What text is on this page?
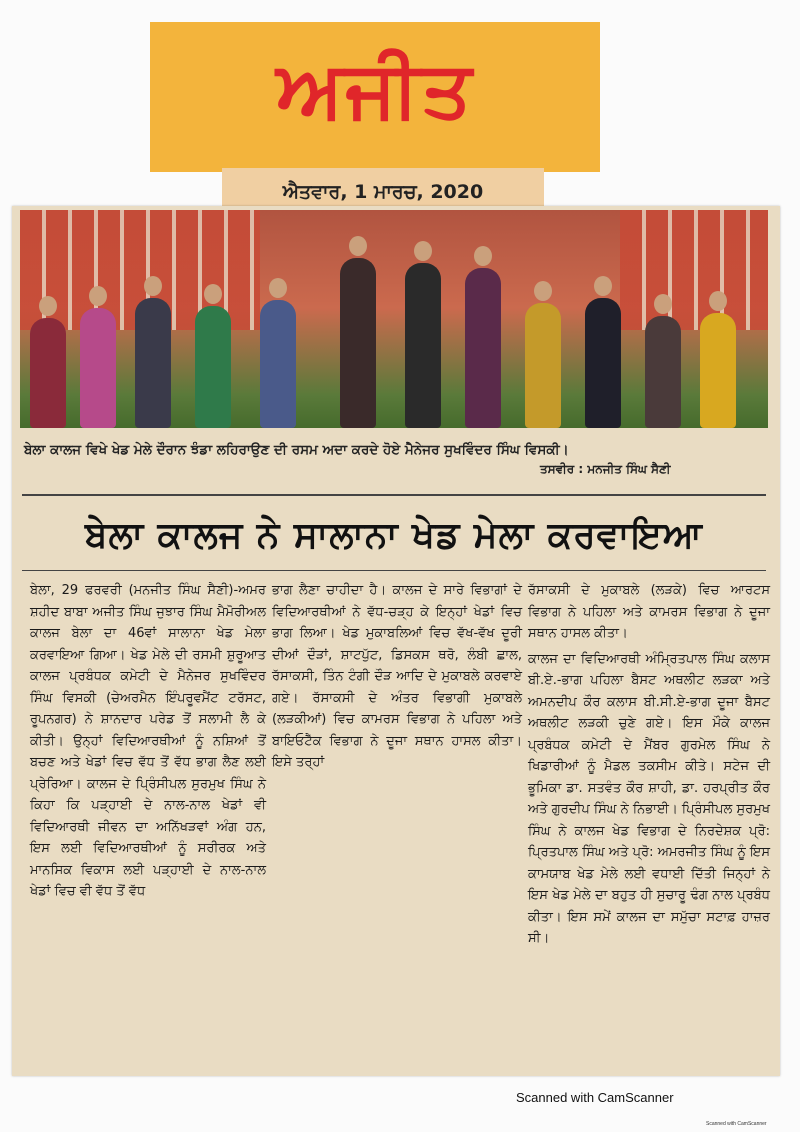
ਅਜੀਤ
ਐਤਵਾਰ, 1 ਮਾਰਚ, 2020
ਬੇਲਾ ਕਾਲਜ ਵਿਖੇ ਖੇਡ ਮੇਲੇ ਦੌਰਾਨ ਝੰਡਾ ਲਹਿਰਾਉਣ ਦੀ ਰਸਮ ਅਦਾ ਕਰਦੇ ਹੋਏ ਮੈਨੇਜਰ ਸੁਖਵਿੰਦਰ ਸਿੰਘ ਵਿਸਕੀ।
ਤਸਵੀਰ : ਮਨਜੀਤ ਸਿੰਘ ਸੈਣੀ
ਬੇਲਾ ਕਾਲਜ ਨੇ ਸਾਲਾਨਾ ਖੇਡ ਮੇਲਾ ਕਰਵਾਇਆ

ਬੇਲਾ, 29 ਫਰਵਰੀ (ਮਨਜੀਤ ਸਿੰਘ ਸੈਣੀ)-ਅਮਰ ਸ਼ਹੀਦ ਬਾਬਾ ਅਜੀਤ ਸਿੰਘ ਜੁਝਾਰ ਸਿੰਘ ਮੈਮੋਰੀਅਲ ਕਾਲਜ ਬੇਲਾ ਦਾ 46ਵਾਂ ਸਾਲਾਨਾ ਖੇਡ ਮੇਲਾ ਕਰਵਾਇਆ ਗਿਆ। ਖੇਡ ਮੇਲੇ ਦੀ ਰਸਮੀ ਸ਼ੁਰੂਆਤ ਕਾਲਜ ਪ੍ਰਬੰਧਕ ਕਮੇਟੀ ਦੇ ਮੈਨੇਜਰ ਸੁਖਵਿੰਦਰ ਸਿੰਘ ਵਿਸਕੀ (ਚੇਅਰਮੈਨ ਇੰਪਰੂਵਮੈਂਟ ਟਰੱਸਟ, ਰੂਪਨਗਰ) ਨੇ ਸ਼ਾਨਦਾਰ ਪਰੇਡ ਤੋਂ ਸਲਾਮੀ ਲੈ ਕੇ ਕੀਤੀ। ਉਨ੍ਹਾਂ ਵਿਦਿਆਰਥੀਆਂ ਨੂੰ ਨਸ਼ਿਆਂ ਤੋਂ ਬਚਣ ਅਤੇ ਖੇਡਾਂ ਵਿਚ ਵੱਧ ਤੋਂ ਵੱਧ ਭਾਗ ਲੈਣ ਲਈ ਪ੍ਰੇਰਿਆ। ਕਾਲਜ ਦੇ ਪ੍ਰਿੰਸੀਪਲ ਸੁਰਮੁਖ ਸਿੰਘ ਨੇ ਕਿਹਾ ਕਿ ਪੜ੍ਹਾਈ ਦੇ ਨਾਲ-ਨਾਲ ਖੇਡਾਂ ਵੀ ਵਿਦਿਆਰਥੀ ਜੀਵਨ ਦਾ ਅਨਿੱਖੜਵਾਂ ਅੰਗ ਹਨ, ਇਸ ਲਈ ਵਿਦਿਆਰਥੀਆਂ ਨੂੰ ਸਰੀਰਕ ਅਤੇ ਮਾਨਸਿਕ ਵਿਕਾਸ ਲਈ ਪੜ੍ਹਾਈ ਦੇ ਨਾਲ-ਨਾਲ ਖੇਡਾਂ ਵਿਚ ਵੀ ਵੱਧ ਤੋਂ ਵੱਧ

ਭਾਗ ਲੈਣਾ ਚਾਹੀਦਾ ਹੈ। ਕਾਲਜ ਦੇ ਸਾਰੇ ਵਿਭਾਗਾਂ ਦੇ ਵਿਦਿਆਰਥੀਆਂ ਨੇ ਵੱਧ-ਚੜ੍ਹ ਕੇ ਇਨ੍ਹਾਂ ਖੇਡਾਂ ਵਿਚ ਭਾਗ ਲਿਆ। ਖੇਡ ਮੁਕਾਬਲਿਆਂ ਵਿਚ ਵੱਖ-ਵੱਖ ਦੂਰੀ ਦੀਆਂ ਦੌੜਾਂ, ਸ਼ਾਟਪੁੱਟ, ਡਿਸਕਸ ਥਰੋ, ਲੰਬੀ ਛਾਲ, ਰੱਸਾਕਸੀ, ਤਿੰਨ ਟੰਗੀ ਦੌੜ ਆਦਿ ਦੇ ਮੁਕਾਬਲੇ ਕਰਵਾਏ ਗਏ। ਰੱਸਾਕਸੀ ਦੇ ਅੰਤਰ ਵਿਭਾਗੀ ਮੁਕਾਬਲੇ (ਲੜਕੀਆਂ) ਵਿਚ ਕਾਮਰਸ ਵਿਭਾਗ ਨੇ ਪਹਿਲਾ ਅਤੇ ਬਾਇਓਟੈੱਕ ਵਿਭਾਗ ਨੇ ਦੂਜਾ ਸਥਾਨ ਹਾਸਲ ਕੀਤਾ। ਇਸੇ ਤਰ੍ਹਾਂ

ਰੱਸਾਕਸੀ ਦੇ ਮੁਕਾਬਲੇ (ਲੜਕੇ) ਵਿਚ ਆਰਟਸ ਵਿਭਾਗ ਨੇ ਪਹਿਲਾ ਅਤੇ ਕਾਮਰਸ ਵਿਭਾਗ ਨੇ ਦੂਜਾ ਸਥਾਨ ਹਾਸਲ ਕੀਤਾ।

ਕਾਲਜ ਦਾ ਵਿਦਿਆਰਥੀ ਅੰਮ੍ਰਿਤਪਾਲ ਸਿੰਘ ਕਲਾਸ ਬੀ.ਏ.-ਭਾਗ ਪਹਿਲਾ ਬੈਸਟ ਅਥਲੀਟ ਲੜਕਾ ਅਤੇ ਅਮਨਦੀਪ ਕੌਰ ਕਲਾਸ ਬੀ.ਸੀ.ਏ-ਭਾਗ ਦੂਜਾ ਬੈਸਟ ਅਥਲੀਟ ਲੜਕੀ ਚੁਣੇ ਗਏ। ਇਸ ਮੌਕੇ ਕਾਲਜ ਪ੍ਰਬੰਧਕ ਕਮੇਟੀ ਦੇ ਮੈਂਬਰ ਗੁਰਮੇਲ ਸਿੰਘ ਨੇ ਖਿਡਾਰੀਆਂ ਨੂੰ ਮੈਡਲ ਤਕਸੀਮ ਕੀਤੇ। ਸਟੇਜ ਦੀ ਭੂਮਿਕਾ ਡਾ. ਸਤਵੰਤ ਕੌਰ ਸ਼ਾਹੀ, ਡਾ. ਹਰਪ੍ਰੀਤ ਕੌਰ ਅਤੇ ਗੁਰਦੀਪ ਸਿੰਘ ਨੇ ਨਿਭਾਈ। ਪ੍ਰਿੰਸੀਪਲ ਸੁਰਮੁਖ ਸਿੰਘ ਨੇ ਕਾਲਜ ਖੇਡ ਵਿਭਾਗ ਦੇ ਨਿਰਦੇਸ਼ਕ ਪ੍ਰੋ: ਪ੍ਰਿਤਪਾਲ ਸਿੰਘ ਅਤੇ ਪ੍ਰੋ: ਅਮਰਜੀਤ ਸਿੰਘ ਨੂੰ ਇਸ ਕਾਮਯਾਬ ਖੇਡ ਮੇਲੇ ਲਈ ਵਧਾਈ ਦਿੱਤੀ ਜਿਨ੍ਹਾਂ ਨੇ ਇਸ ਖੇਡ ਮੇਲੇ ਦਾ ਬਹੁਤ ਹੀ ਸੁਚਾਰੂ ਢੰਗ ਨਾਲ ਪ੍ਰਬੰਧ ਕੀਤਾ। ਇਸ ਸਮੇਂ ਕਾਲਜ ਦਾ ਸਮੁੱਚਾ ਸਟਾਫ਼ ਹਾਜ਼ਰ ਸੀ।

Scanned with CamScanner
Scanned with CamScanner
